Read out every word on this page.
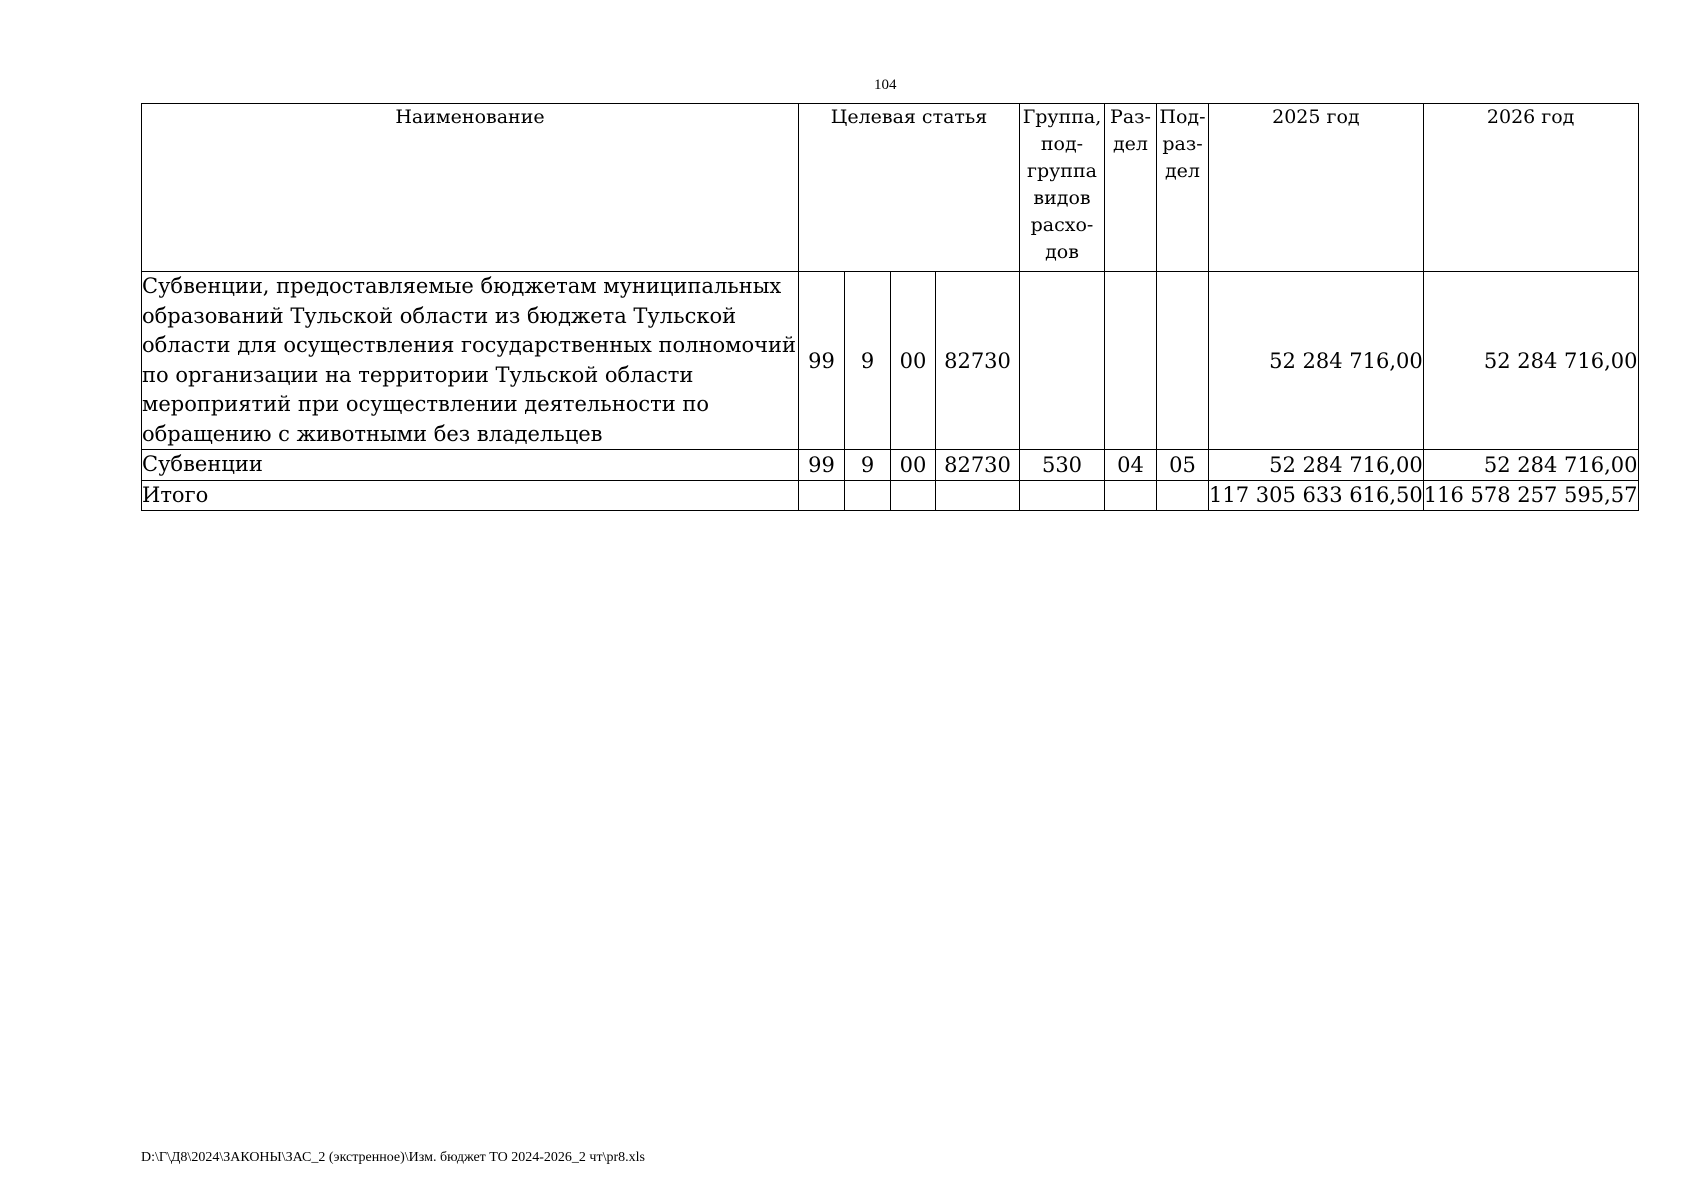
104
Наименование	Целевая статья				Группа, под- группа видов расхо- дов	Раз- дел	Под- раз- дел	2025 год	2026 год
Субвенции, предоставляемые бюджетам муниципальных образований Тульской области из бюджета Тульской области для осуществления государственных полномочий по организации на территории Тульской области мероприятий при осуществлении деятельности по обращению с животными без владельцев	99	9	00	82730				52 284 716,00	52 284 716,00
Субвенции	99	9	00	82730	530	04	05	52 284 716,00	52 284 716,00
Итого								117 305 633 616,50	116 578 257 595,57
D:\Г\Д8\2024\ЗАКОНЫ\ЗАС_2 (экстренное)\Изм. бюджет ТО 2024-2026_2 чт\pr8.xls
